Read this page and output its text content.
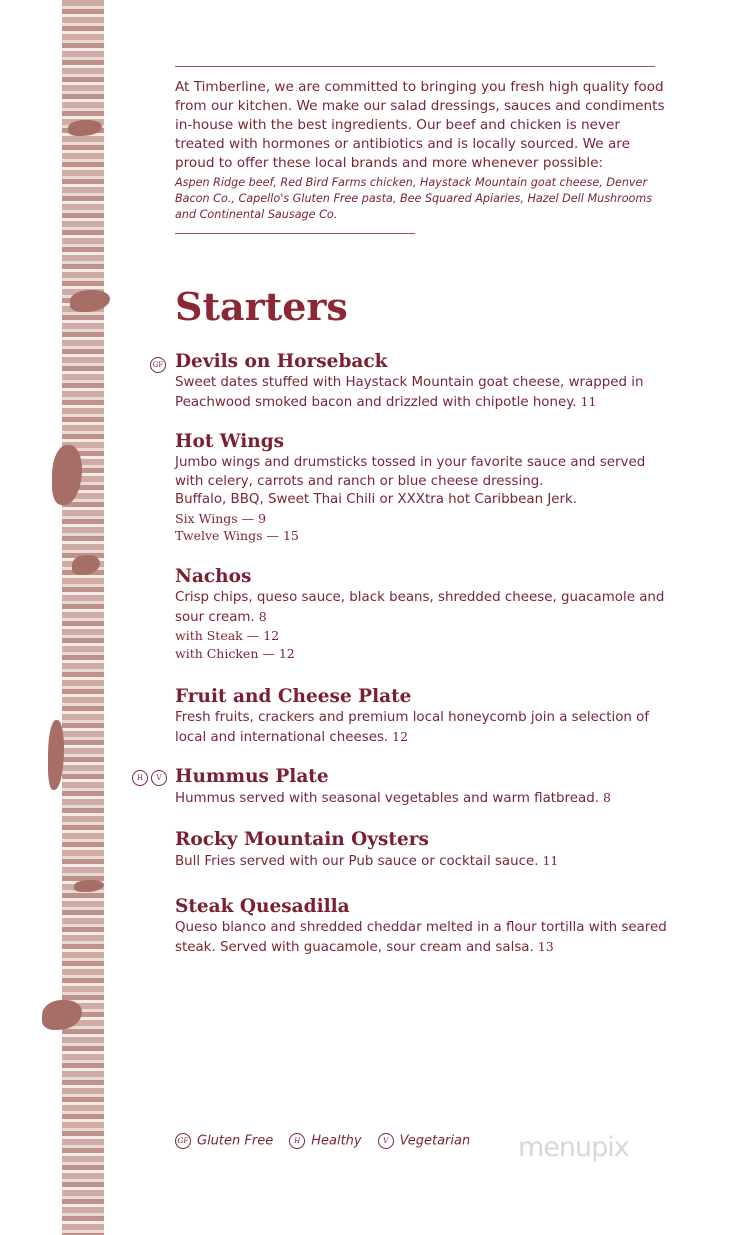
At Timberline, we are committed to bringing you fresh high quality food from our kitchen. We make our salad dressings, sauces and condiments in-house with the best ingredients. Our beef and chicken is never treated with hormones or antibiotics and is locally sourced. We are proud to offer these local brands and more whenever possible:
Aspen Ridge beef, Red Bird Farms chicken, Haystack Mountain goat cheese, Denver Bacon Co., Capello's Gluten Free pasta, Bee Squared Apiaries, Hazel Dell Mushrooms and Continental Sausage Co.
Starters
GF Devils on Horseback
Sweet dates stuffed with Haystack Mountain goat cheese, wrapped in Peachwood smoked bacon and drizzled with chipotle honey. 11
Hot Wings
Jumbo wings and drumsticks tossed in your favorite sauce and served with celery, carrots and ranch or blue cheese dressing.
Buffalo, BBQ, Sweet Thai Chili or XXXtra hot Caribbean Jerk.
Six Wings — 9
Twelve Wings — 15
Nachos
Crisp chips, queso sauce, black beans, shredded cheese, guacamole and sour cream. 8
with Steak — 12
with Chicken — 12
Fruit and Cheese Plate
Fresh fruits, crackers and premium local honeycomb join a selection of local and international cheeses. 12
H	V Hummus Plate
Hummus served with seasonal vegetables and warm flatbread. 8
Rocky Mountain Oysters
Bull Fries served with our Pub sauce or cocktail sauce. 11
Steak Quesadilla
Queso blanco and shredded cheddar melted in a flour tortilla with seared steak. Served with guacamole, sour cream and salsa. 13
GF Gluten Free	H Healthy	V Vegetarian menupix
